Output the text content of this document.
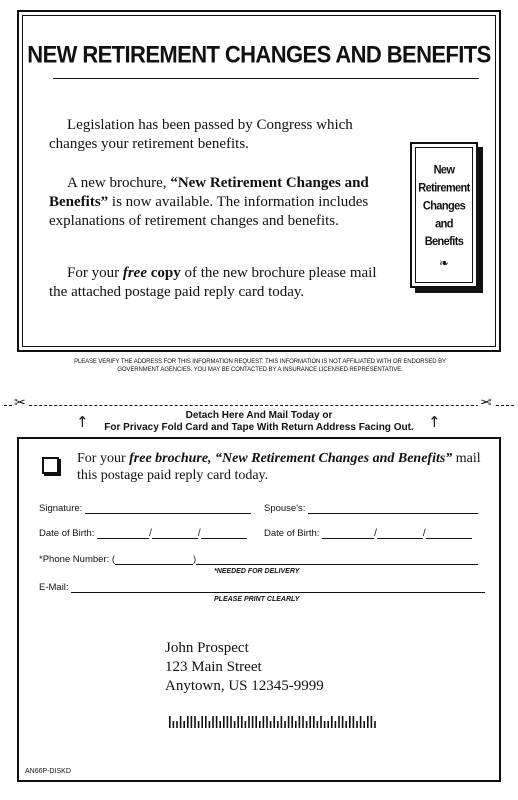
NEW RETIREMENT CHANGES AND BENEFITS
Legislation has been passed by Congress which changes your retirement benefits.
A new brochure, “New Retirement Changes and Benefits” is now available. The information includes explanations of retirement changes and benefits.
For your free copy of the new brochure please mail the attached postage paid reply card today.
New
Retirement
Changes
and
Benefits
❧
PLEASE VERIFY THE ADDRESS FOR THIS INFORMATION REQUEST. THIS INFORMATION IS NOT AFFILIATED WITH OR ENDORSED BY GOVERNMENT AGENCIES. YOU MAY BE CONTACTED BY A INSURANCE LICENSED REPRESENTATIVE.
✂	✂
↑	↑
Detach Here And Mail Today or
For Privacy Fold Card and Tape With Return Address Facing Out.
For your free brochure, “New Retirement Changes and Benefits” mail this postage paid reply card today.
Signature:	Spouse's:
Date of Birth:	/	/	Date of Birth:	/	/
*Phone Number: (	)
*NEEDED FOR DELIVERY
E-Mail:
PLEASE PRINT CLEARLY
John Prospect
123 Main Street
Anytown, US 12345-9999
AN66P-DISKD
